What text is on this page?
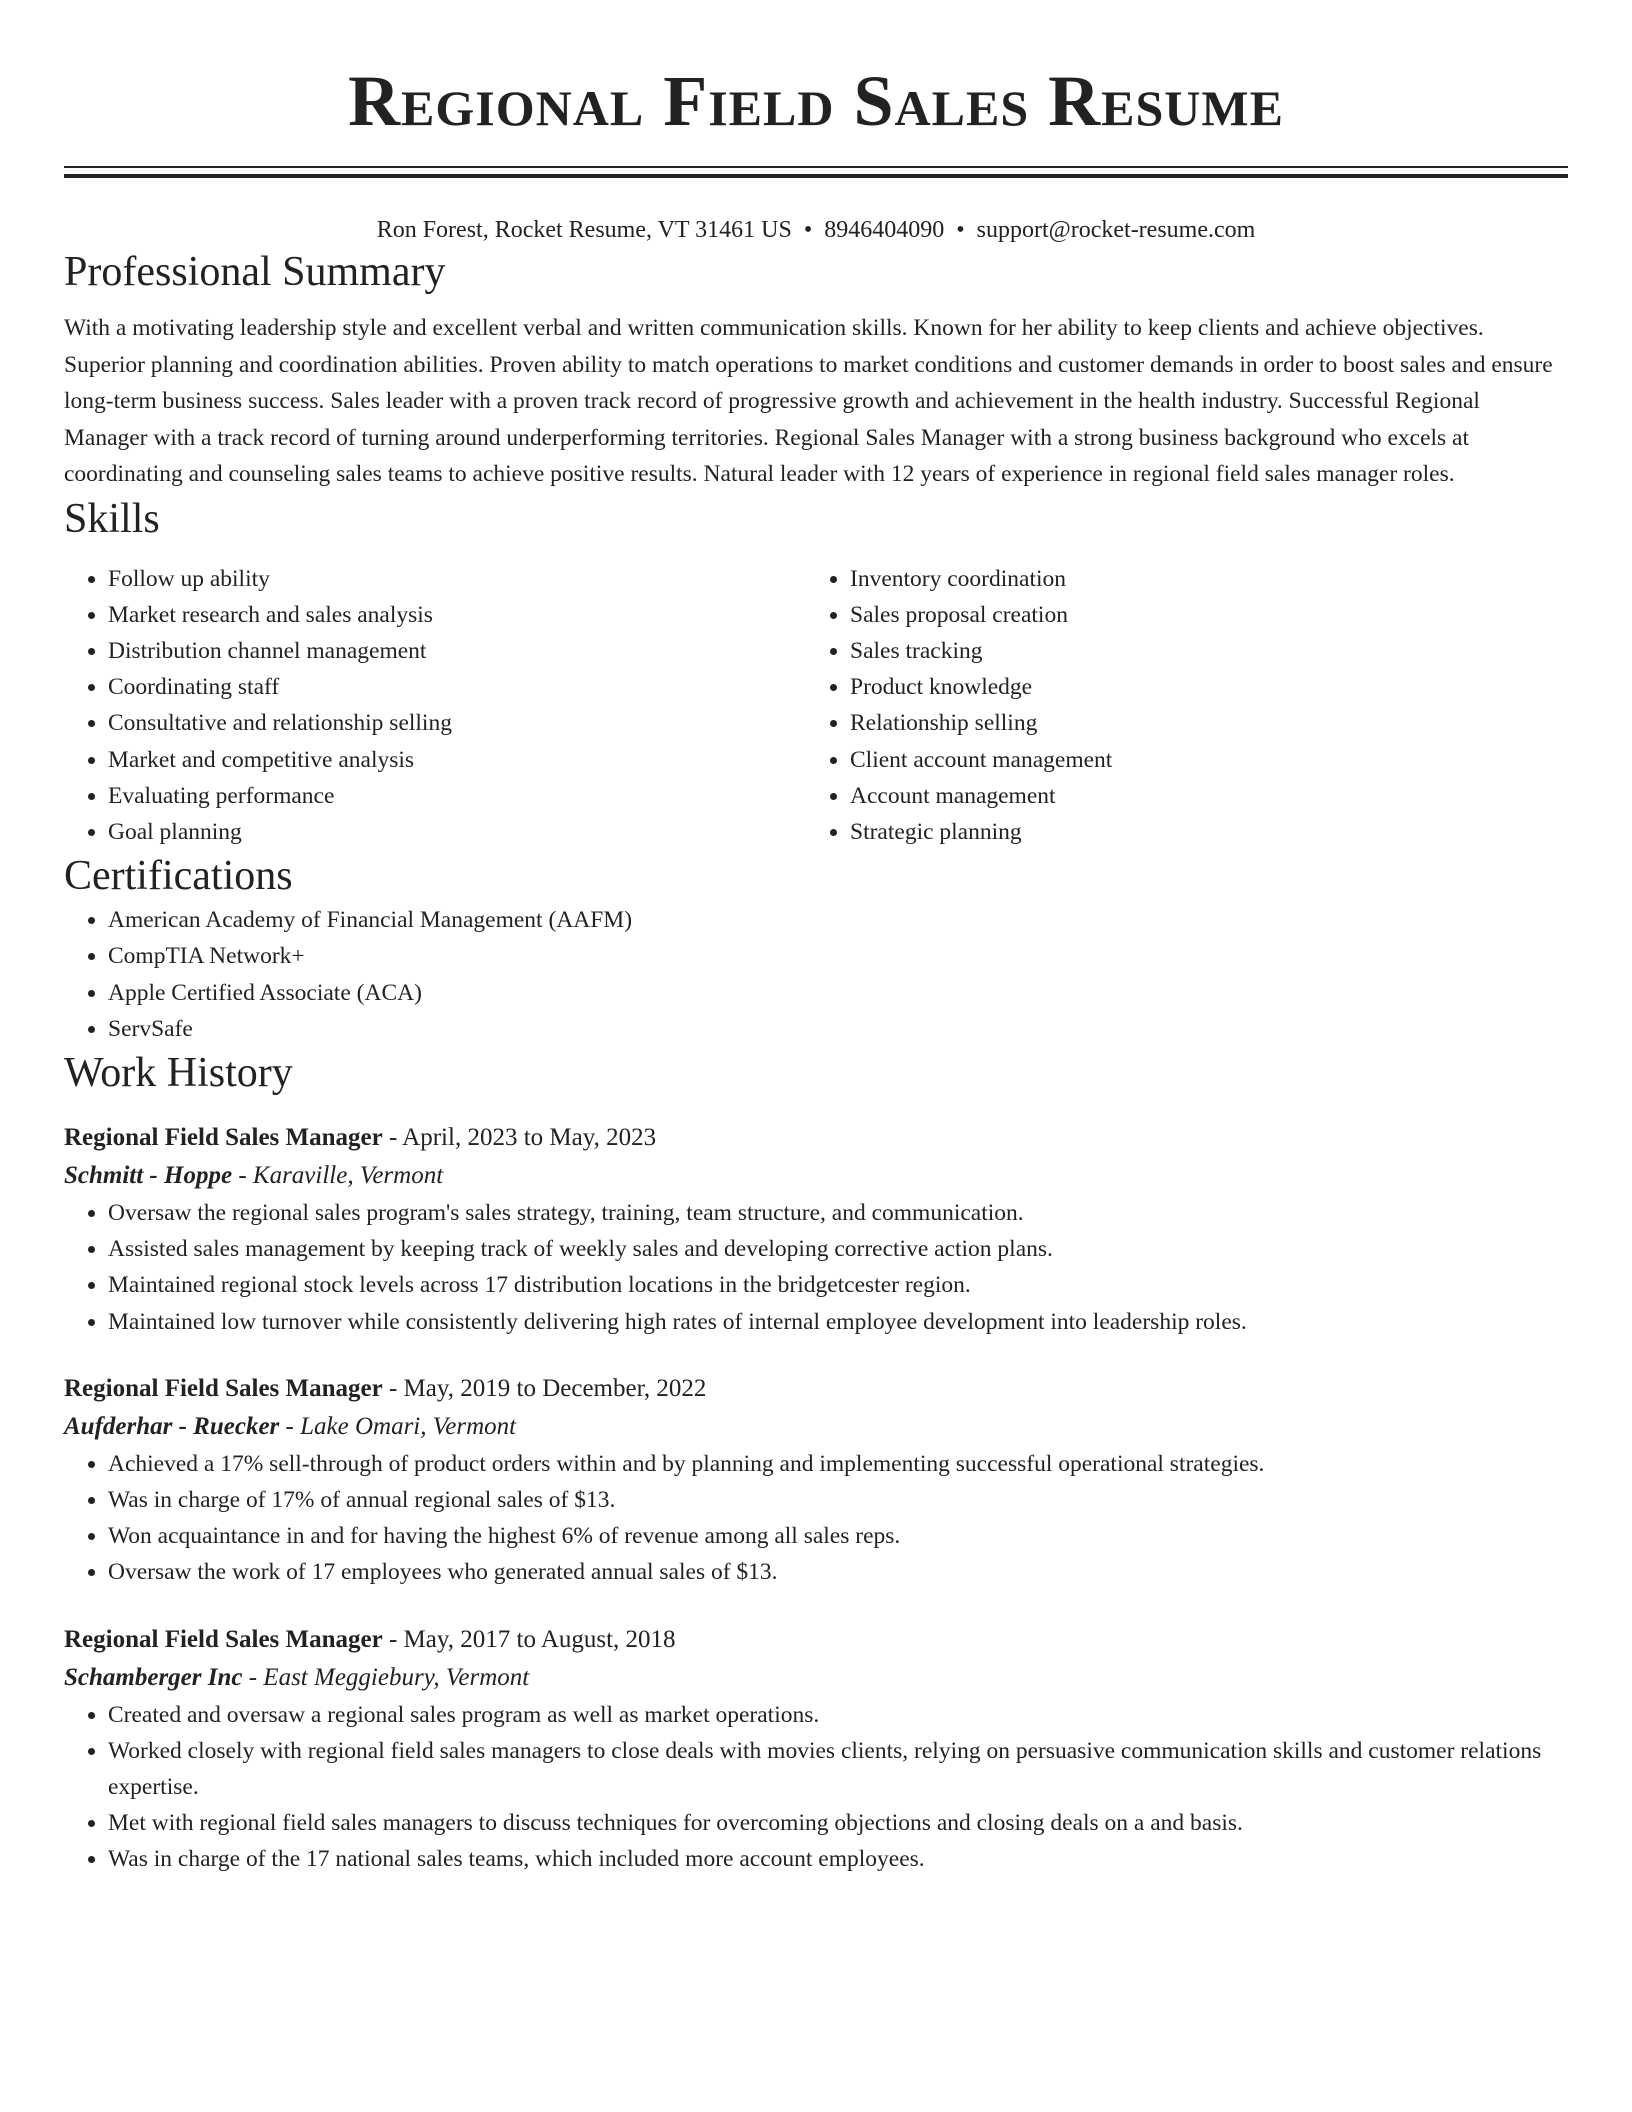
Regional Field Sales Resume
Ron Forest, Rocket Resume, VT 31461 US • 8946404090 • support@rocket-resume.com
Professional Summary

With a motivating leadership style and excellent verbal and written communication skills. Known for her ability to keep clients and achieve objectives. Superior planning and coordination abilities. Proven ability to match operations to market conditions and customer demands in order to boost sales and ensure long-term business success. Sales leader with a proven track record of progressive growth and achievement in the health industry. Successful Regional Manager with a track record of turning around underperforming territories. Regional Sales Manager with a strong business background who excels at coordinating and counseling sales teams to achieve positive results. Natural leader with 12 years of experience in regional field sales manager roles.

Skills
• Follow up ability
• Market research and sales analysis
• Distribution channel management
• Coordinating staff
• Consultative and relationship selling
• Market and competitive analysis
• Evaluating performance
• Goal planning
• Inventory coordination
• Sales proposal creation
• Sales tracking
• Product knowledge
• Relationship selling
• Client account management
• Account management
• Strategic planning
Certifications
• American Academy of Financial Management (AAFM)
• CompTIA Network+
• Apple Certified Associate (ACA)
• ServSafe
Work History
Regional Field Sales Manager - April, 2023 to May, 2023
Schmitt - Hoppe - Karaville, Vermont
• Oversaw the regional sales program's sales strategy, training, team structure, and communication.
• Assisted sales management by keeping track of weekly sales and developing corrective action plans.
• Maintained regional stock levels across 17 distribution locations in the bridgetcester region.
• Maintained low turnover while consistently delivering high rates of internal employee development into leadership roles.
Regional Field Sales Manager - May, 2019 to December, 2022
Aufderhar - Ruecker - Lake Omari, Vermont
• Achieved a 17% sell-through of product orders within and by planning and implementing successful operational strategies.
• Was in charge of 17% of annual regional sales of $13.
• Won acquaintance in and for having the highest 6% of revenue among all sales reps.
• Oversaw the work of 17 employees who generated annual sales of $13.
Regional Field Sales Manager - May, 2017 to August, 2018
Schamberger Inc - East Meggiebury, Vermont
• Created and oversaw a regional sales program as well as market operations.
• Worked closely with regional field sales managers to close deals with movies clients, relying on persuasive communication skills and customer relations expertise.
• Met with regional field sales managers to discuss techniques for overcoming objections and closing deals on a and basis.
• Was in charge of the 17 national sales teams, which included more account employees.
